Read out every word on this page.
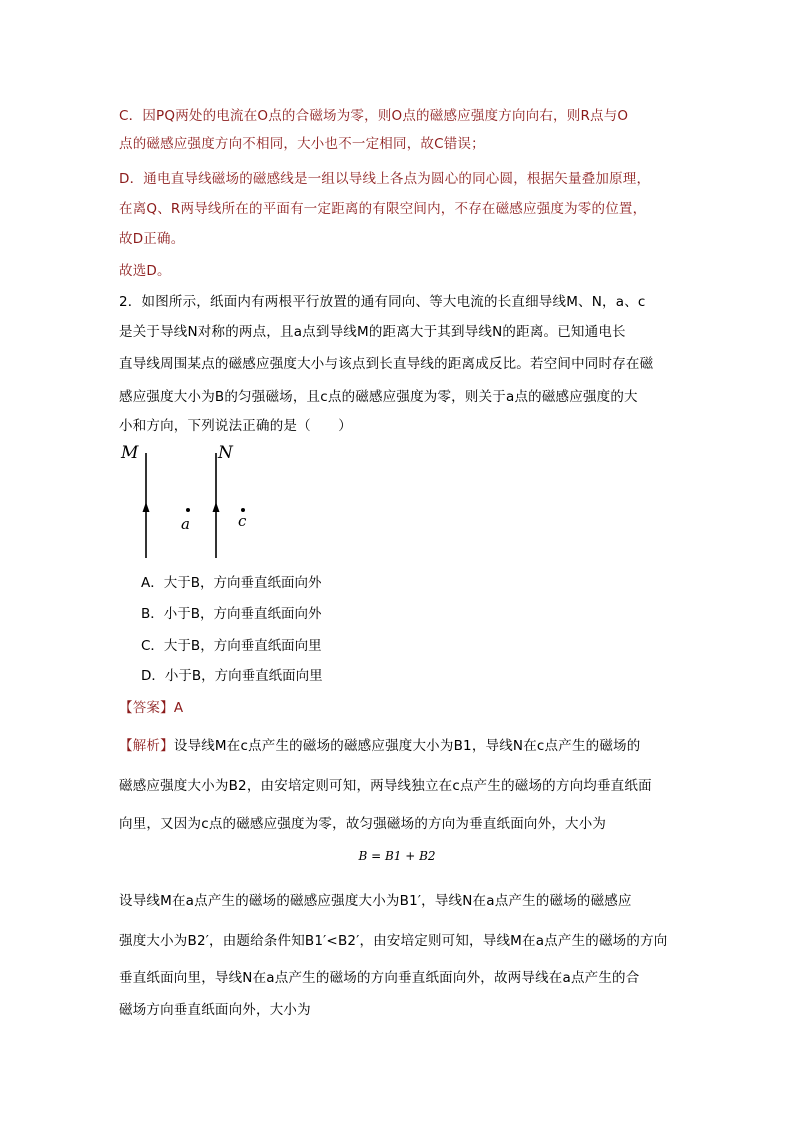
C．因PQ两处的电流在O点的合磁场为零，则O点的磁感应强度方向向右，则R点与O
点的磁感应强度方向不相同，大小也不一定相同，故C错误；
D．通电直导线磁场的磁感线是一组以导线上各点为圆心的同心圆，根据矢量叠加原理，
在离Q、R两导线所在的平面有一定距离的有限空间内，不存在磁感应强度为零的位置，
故D正确。
故选D。
2．如图所示，纸面内有两根平行放置的通有同向、等大电流的长直细导线M、N，a、c
是关于导线N对称的两点，且a点到导线M的距离大于其到导线N的距离。已知通电长
直导线周围某点的磁感应强度大小与该点到长直导线的距离成反比。若空间中同时存在磁
感应强度大小为B的匀强磁场，且c点的磁感应强度为零，则关于a点的磁感应强度的大
小和方向，下列说法正确的是（　　）
M	N
a	c
A．大于B，方向垂直纸面向外
B．小于B，方向垂直纸面向外
C．大于B，方向垂直纸面向里
D．小于B，方向垂直纸面向里
【答案】A
【解析】设导线M在c点产生的磁场的磁感应强度大小为B1，导线N在c点产生的磁场的
磁感应强度大小为B2，由安培定则可知，两导线独立在c点产生的磁场的方向均垂直纸面
向里，又因为c点的磁感应强度为零，故匀强磁场的方向为垂直纸面向外，大小为
B = B1 + B2
设导线M在a点产生的磁场的磁感应强度大小为B1′，导线N在a点产生的磁场的磁感应
强度大小为B2′，由题给条件知B1′<B2′，由安培定则可知，导线M在a点产生的磁场的方向
垂直纸面向里，导线N在a点产生的磁场的方向垂直纸面向外，故两导线在a点产生的合
磁场方向垂直纸面向外，大小为
